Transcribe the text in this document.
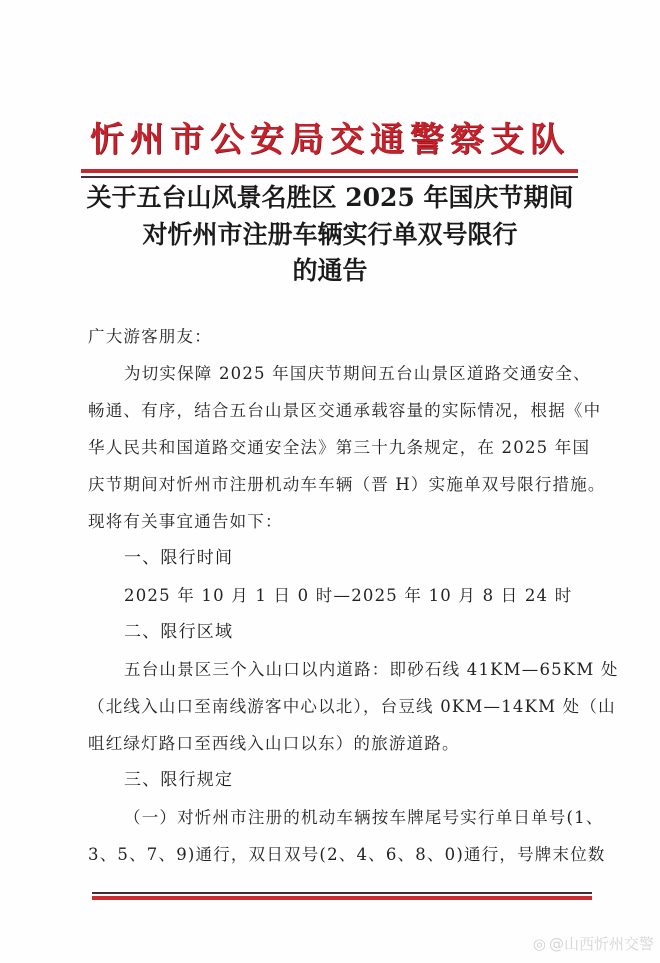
忻州市公安局交通警察支队
关于五台山风景名胜区 2025 年国庆节期间
对忻州市注册车辆实行单双号限行
的通告
广大游客朋友：
为切实保障 2025 年国庆节期间五台山景区道路交通安全、
畅通、有序，结合五台山景区交通承载容量的实际情况，根据《中
华人民共和国道路交通安全法》第三十九条规定，在 2025 年国
庆节期间对忻州市注册机动车车辆（晋 H）实施单双号限行措施。
现将有关事宜通告如下：
一、限行时间
2025 年 10 月 1 日 0 时—2025 年 10 月 8 日 24 时
二、限行区域
五台山景区三个入山口以内道路：即砂石线 41KM—65KM 处
（北线入山口至南线游客中心以北），台豆线 0KM—14KM 处（山
咀红绿灯路口至西线入山口以东）的旅游道路。
三、限行规定
（一）对忻州市注册的机动车辆按车牌尾号实行单日单号(1、
3、5、7、9)通行，双日双号(2、4、6、8、0)通行，号牌末位数
◎ @山西忻州交警
